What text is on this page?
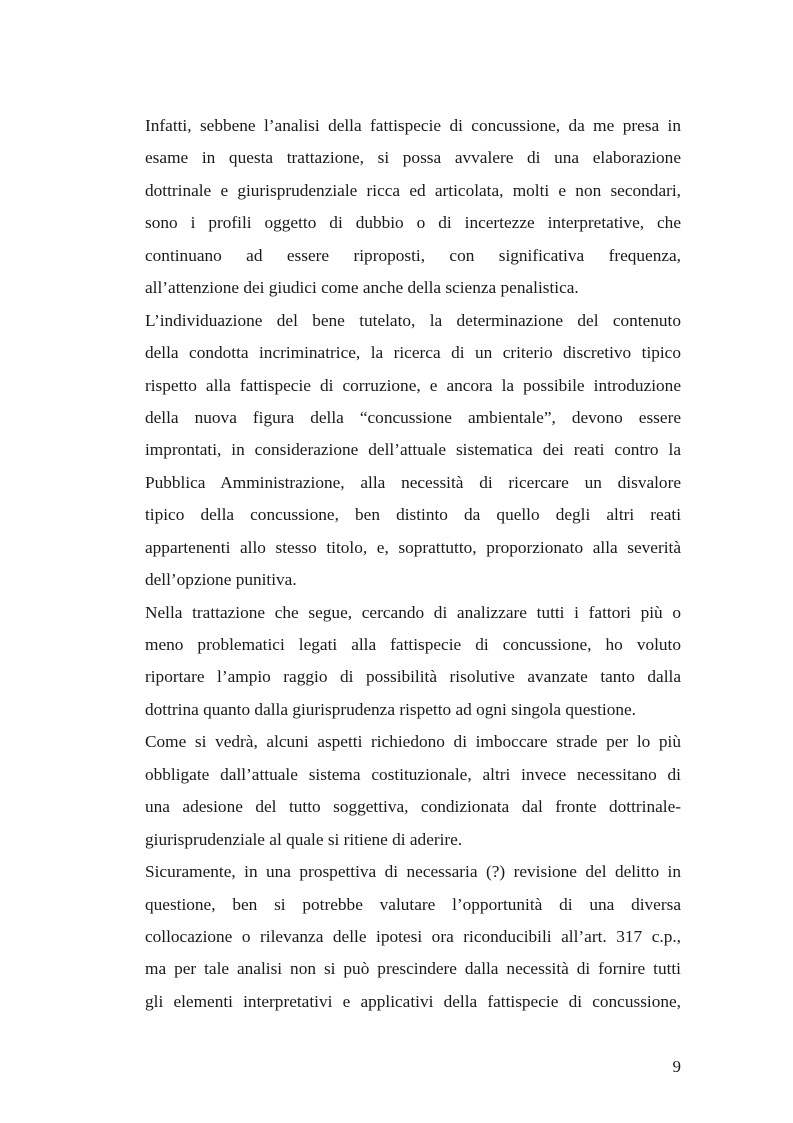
Infatti, sebbene l’analisi della fattispecie di concussione, da me presa in
esame in questa trattazione, si possa avvalere di una elaborazione
dottrinale e giurisprudenziale ricca ed articolata, molti e non secondari,
sono i profili oggetto di dubbio o di incertezze interpretative, che
continuano ad essere riproposti, con significativa frequenza,
all’attenzione dei giudici come anche della scienza penalistica.
L’individuazione del bene tutelato, la determinazione del contenuto
della condotta incriminatrice, la ricerca di un criterio discretivo tipico
rispetto alla fattispecie di corruzione, e ancora la possibile introduzione
della nuova figura della “concussione ambientale”, devono essere
improntati, in considerazione dell’attuale sistematica dei reati contro la
Pubblica Amministrazione, alla necessità di ricercare un disvalore
tipico della concussione, ben distinto da quello degli altri reati
appartenenti allo stesso titolo, e, soprattutto, proporzionato alla severità
dell’opzione punitiva.
Nella trattazione che segue, cercando di analizzare tutti i fattori più o
meno problematici legati alla fattispecie di concussione, ho voluto
riportare l’ampio raggio di possibilità risolutive avanzate tanto dalla
dottrina quanto dalla giurisprudenza rispetto ad ogni singola questione.
Come si vedrà, alcuni aspetti richiedono di imboccare strade per lo più
obbligate dall’attuale sistema costituzionale, altri invece necessitano di
una adesione del tutto soggettiva, condizionata dal fronte dottrinale-
giurisprudenziale al quale si ritiene di aderire.
Sicuramente, in una prospettiva di necessaria (?) revisione del delitto in
questione, ben si potrebbe valutare l’opportunità di una diversa
collocazione o rilevanza delle ipotesi ora riconducibili all’art. 317 c.p.,
ma per tale analisi non si può prescindere dalla necessità di fornire tutti
gli elementi interpretativi e applicativi della fattispecie di concussione,
9
